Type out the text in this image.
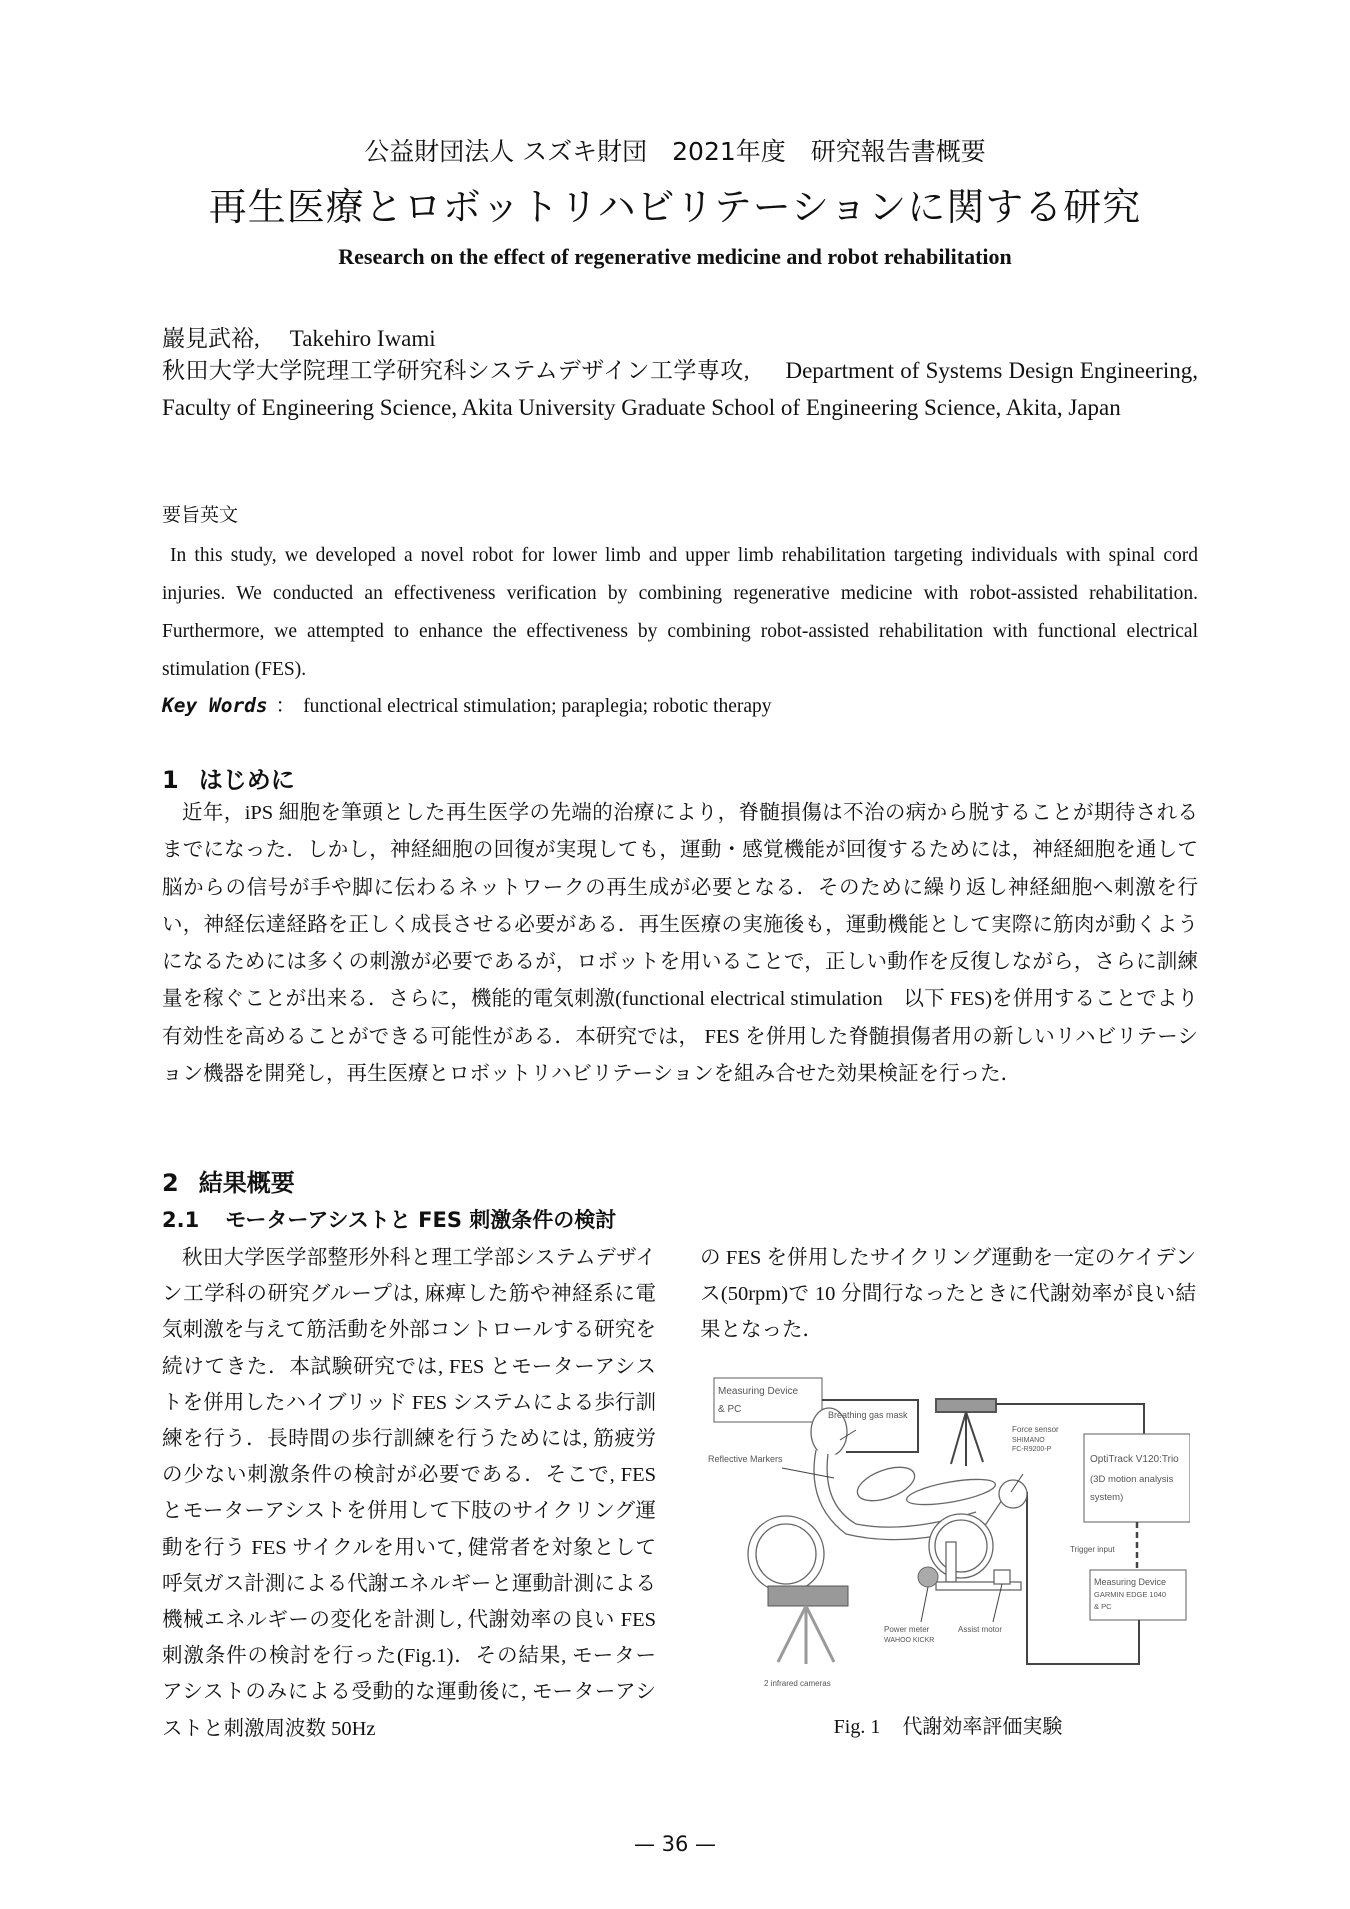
公益財団法人 スズキ財団　2021年度　研究報告書概要
再生医療とロボットリハビリテーションに関する研究
Research on the effect of regenerative medicine and robot rehabilitation
巖見武裕, Takehiro Iwami
秋田大学大学院理工学研究科システムデザイン工学専攻, Department of Systems Design Engineering, Faculty of Engineering Science, Akita University Graduate School of Engineering Science, Akita, Japan
要旨英文
In this study, we developed a novel robot for lower limb and upper limb rehabilitation targeting individuals with spinal cord injuries. We conducted an effectiveness verification by combining regenerative medicine with robot-assisted rehabilitation. Furthermore, we attempted to enhance the effectiveness by combining robot-assisted rehabilitation with functional electrical stimulation (FES).
Key Words ： functional electrical stimulation; paraplegia; robotic therapy
1 はじめに

近年，iPS 細胞を筆頭とした再生医学の先端的治療により，脊髄損傷は不治の病から脱することが期待されるまでになった．しかし，神経細胞の回復が実現しても，運動・感覚機能が回復するためには，神経細胞を通して脳からの信号が手や脚に伝わるネットワークの再生成が必要となる．そのために繰り返し神経細胞へ刺激を行い，神経伝達経路を正しく成長させる必要がある．再生医療の実施後も，運動機能として実際に筋肉が動くようになるためには多くの刺激が必要であるが，ロボットを用いることで，正しい動作を反復しながら，さらに訓練量を稼ぐことが出来る．さらに，機能的電気刺激(functional electrical stimulation　以下 FES)を併用することでより有効性を高めることができる可能性がある．本研究では， FES を併用した脊髄損傷者用の新しいリハビリテーション機器を開発し，再生医療とロボットリハビリテーションを組み合せた効果検証を行った．

2 結果概要
2.1 モーターアシストと FES 刺激条件の検討

秋田大学医学部整形外科と理工学部システムデザイン工学科の研究グループは, 麻痺した筋や神経系に電気刺激を与えて筋活動を外部コントロールする研究を続けてきた．本試験研究では, FES とモーターアシストを併用したハイブリッド FES システムによる歩行訓練を行う．長時間の歩行訓練を行うためには, 筋疲労の少ない刺激条件の検討が必要である．そこで, FES とモーターアシストを併用して下肢のサイクリング運動を行う FES サイクルを用いて, 健常者を対象として呼気ガス計測による代謝エネルギーと運動計測による機械エネルギーの変化を計測し, 代謝効率の良い FES 刺激条件の検討を行った(Fig.1)．その結果, モーターアシストのみによる受動的な運動後に, モーターアシストと刺激周波数 50Hz

の FES を併用したサイクリング運動を一定のケイデンス(50rpm)で 10 分間行なったときに代謝効率が良い結果となった．

Measuring Device
& PC	Breathing gas mask
Reflective Markers
Force sensor
SHIMANO
FC-R9200-P
OptiTrack V120:Trio
(3D motion analysis
system)
Trigger input
Measuring Device
GARMIN EDGE 1040
& PC
Power meter
WAHOO KICKR
Assist motor
2 infrared cameras
Fig. 1 代謝効率評価実験
— 36 —
